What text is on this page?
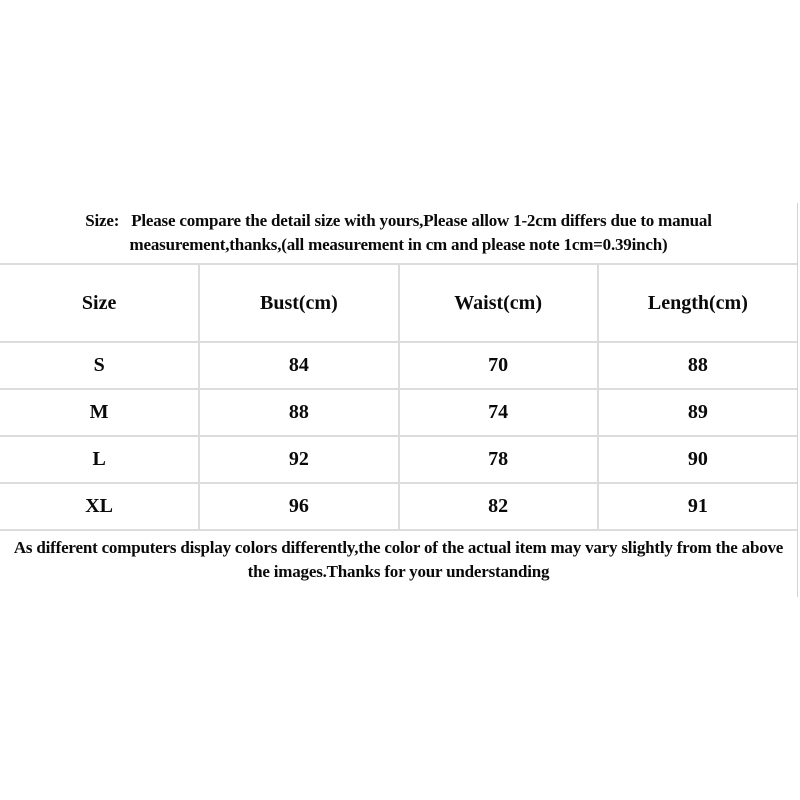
Size: Please compare the detail size with yours,Please allow 1-2cm differs due to manual
measurement,thanks,(all measurement in cm and please note 1cm=0.39inch)
Size	Bust(cm)	Waist(cm)	Length(cm)
S	84	70	88
M	88	74	89
L	92	78	90
XL	96	82	91
As different computers display colors differently,the color of the actual item may vary slightly from the above
the images.Thanks for your understanding
